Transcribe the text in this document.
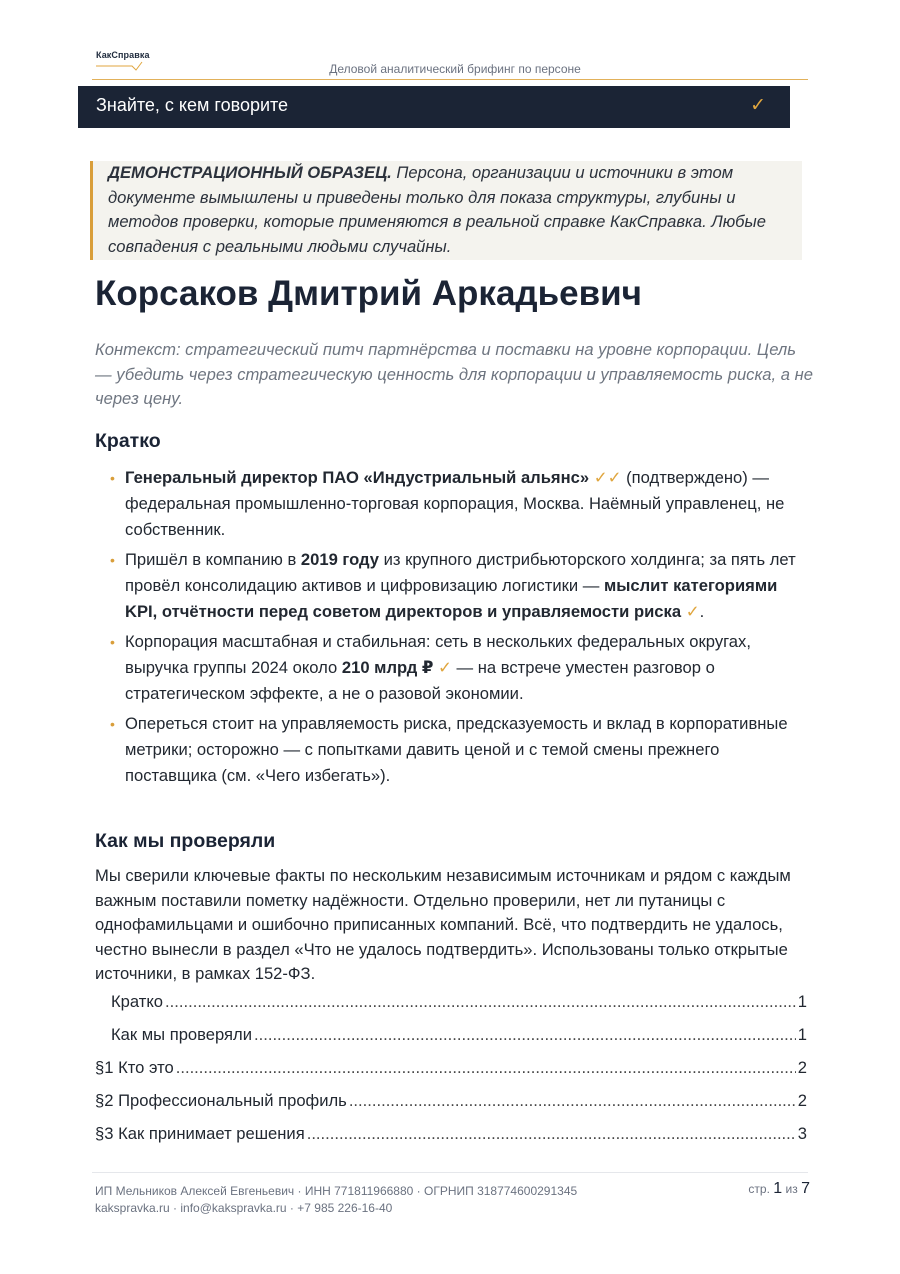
КакСправка
Деловой аналитический брифинг по персоне
Знайте, с кем говорите	✓

ДЕМОНСТРАЦИОННЫЙ ОБРАЗЕЦ. Персона, организации и источники в этом документе вымышлены и приведены только для показа структуры, глубины и методов проверки, которые применяются в реальной справке КакСправка. Любые совпадения с реальными людьми случайны.

Корсаков Дмитрий Аркадьевич

Контекст: стратегический питч партнёрства и поставки на уровне корпорации. Цель — убедить через стратегическую ценность для корпорации и управляемость риска, а не через цену.

Кратко
• Генеральный директор ПАО «Индустриальный альянс» ✓✓ (подтверждено) — федеральная промышленно-торговая корпорация, Москва. Наёмный управленец, не собственник.
• Пришёл в компанию в 2019 году из крупного дистрибьюторского холдинга; за пять лет провёл консолидацию активов и цифровизацию логистики — мыслит категориями KPI, отчётности перед советом директоров и управляемости риска ✓.
• Корпорация масштабная и стабильная: сеть в нескольких федеральных округах, выручка группы 2024 около 210 млрд ₽ ✓ — на встрече уместен разговор о стратегическом эффекте, а не о разовой экономии.
• Опереться стоит на управляемость риска, предсказуемость и вклад в корпоративные метрики; осторожно — с попытками давить ценой и с темой смены прежнего поставщика (см. «Чего избегать»).
Как мы проверяли

Мы сверили ключевые факты по нескольким независимым источникам и рядом с каждым важным поставили пометку надёжности. Отдельно проверили, нет ли путаницы с однофамильцами и ошибочно приписанных компаний. Всё, что подтвердить не удалось, честно вынесли в раздел «Что не удалось подтвердить». Использованы только открытые источники, в рамках 152-ФЗ.

Кратко .....	1
Как мы проверяли .....	1
§1 Кто это .....	2
§2 Профессиональный профиль .....	2
§3 Как принимает решения .....	3
ИП Мельников Алексей Евгеньевич · ИНН 771811966880 · ОГРНИП 318774600291345
kakspravka.ru · info@kakspravka.ru · +7 985 226-16-40
стр. 1 из 7
